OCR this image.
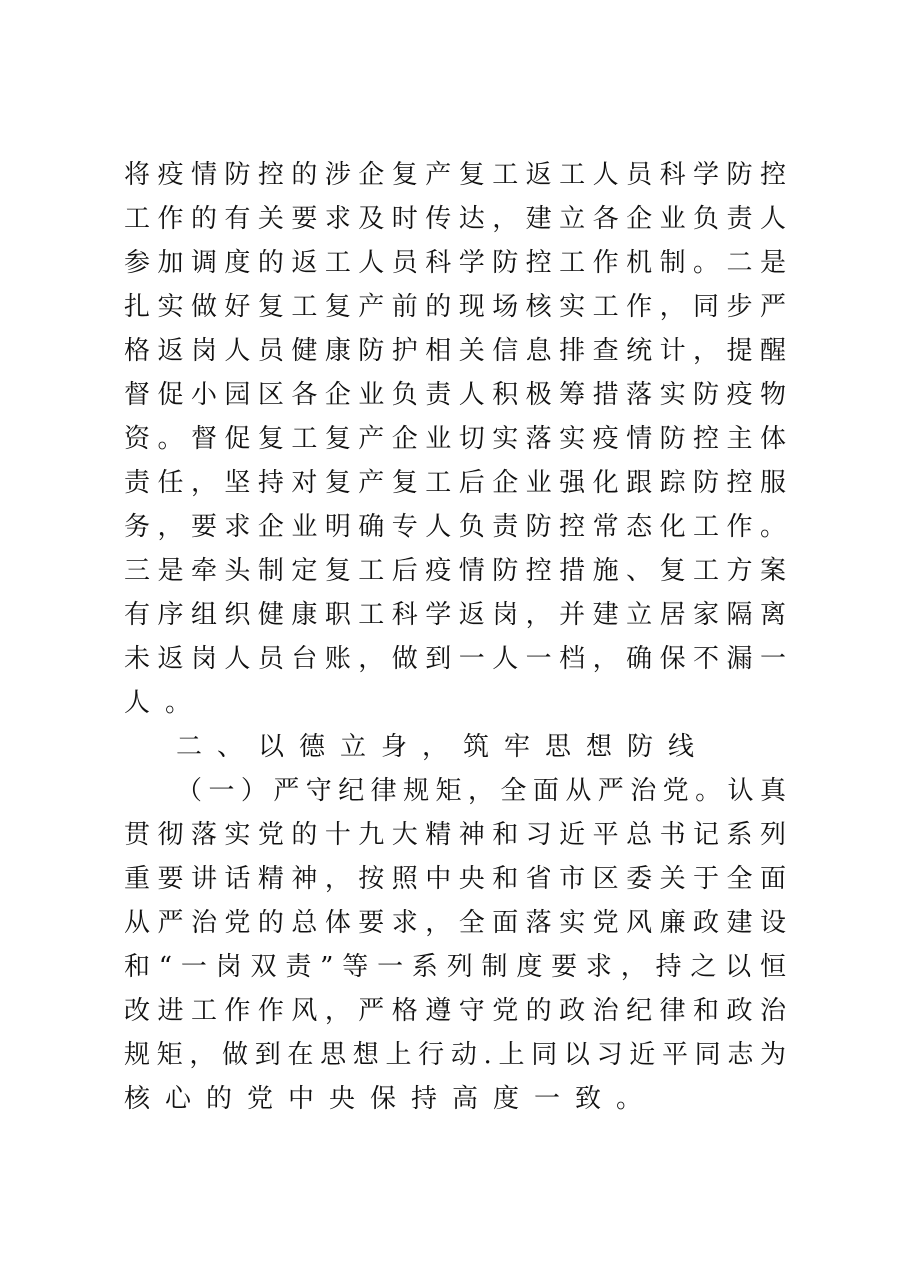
将疫情防控的涉企复产复工返工人员科学防控
工作的有关要求及时传达，建立各企业负责人
参加调度的返工人员科学防控工作机制。二是
扎实做好复工复产前的现场核实工作，同步严
格返岗人员健康防护相关信息排查统计，提醒
督促小园区各企业负责人积极筹措落实防疫物
资。督促复工复产企业切实落实疫情防控主体
责任，坚持对复产复工后企业强化跟踪防控服
务，要求企业明确专人负责防控常态化工作。
三是牵头制定复工后疫情防控措施、复工方案
有序组织健康职工科学返岗，并建立居家隔离
未返岗人员台账，做到一人一档，确保不漏一
人。
二、以德立身，筑牢思想防线
（一）严守纪律规矩，全面从严治党。认真
贯彻落实党的十九大精神和习近平总书记系列
重要讲话精神，按照中央和省市区委关于全面
从严治党的总体要求，全面落实党风廉政建设
和“一岗双责”等一系列制度要求，持之以恒
改进工作作风，严格遵守党的政治纪律和政治
规矩，做到在思想上行动.上同以习近平同志为
核心的党中央保持高度一致。
